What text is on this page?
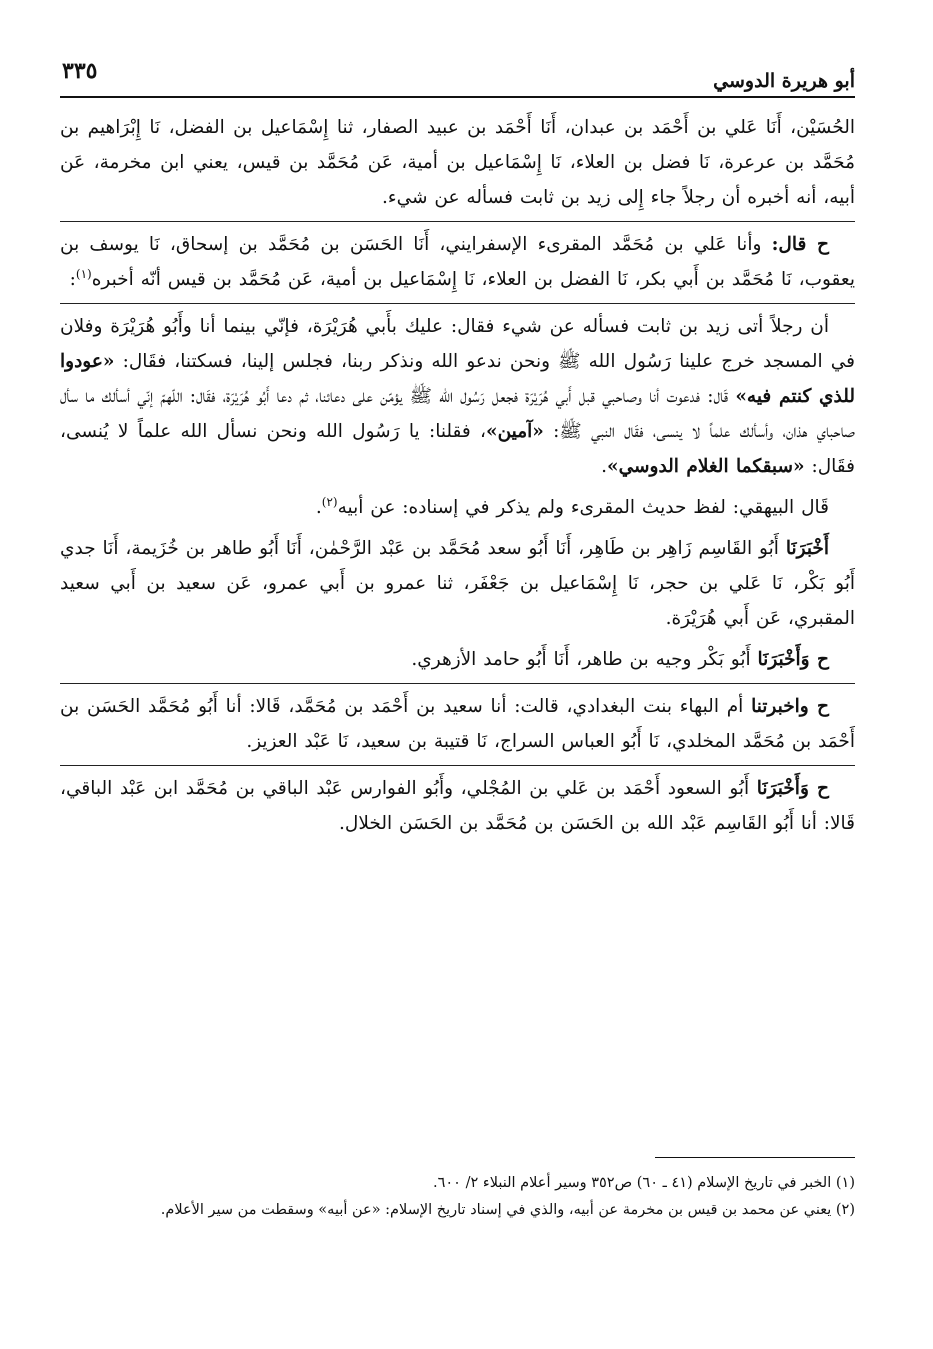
٣٣٥	أبو هريرة الدوسي

الحُسَيْن، أَنَا عَلي بن أَحْمَد بن عبدان، أَنَا أَحْمَد بن عبيد الصفار، ثنا إِسْمَاعيل بن الفضل، نَا إِبْرَاهيم بن مُحَمَّد بن عرعرة، نَا فضل بن العلاء، نَا إِسْمَاعيل بن أمية، عَن مُحَمَّد بن قيس، يعني ابن مخرمة، عَن أبيه، أنه أخبره أن رجلاً جاء إِلى زيد بن ثابت فسأله عن شيء.

ح قال: وأنا عَلي بن مُحَمَّد المقرىء الإسفرايني، أَنَا الحَسَن بن مُحَمَّد بن إسحاق، نَا يوسف بن يعقوب، نَا مُحَمَّد بن أَبي بكر، نَا الفضل بن العلاء، نَا إِسْمَاعيل بن أمية، عَن مُحَمَّد بن قيس أنّه أخبره$^{(١)}$:

أن رجلاً أتى زيد بن ثابت فسأله عن شيء فقال: عليك بأَبي هُرَيْرَة، فإنّي بينما أنا وأَبُو هُرَيْرَة وفلان في المسجد خرج علينا رَسُول الله ﷺ ونحن ندعو الله ونذكر ربنا، فجلس إلينا، فسكتنا، فقَال: «عودوا للذي كنتم فيه» قَال: فدعوت أنا وصاحبي قبل أَبي هُرَيْرَة فجعل رَسُول الله ﷺ يؤمّن على دعائنا، ثم دعا أَبُو هُرَيْرَة، فقَال: اللّهمّ إنّي أسألك ما سأل صاحباي هذان، وأسألك علماً لا ينسى، فقَال النبي ﷺ: «آمين»، فقلنا: يا رَسُول الله ونحن نسأل الله علماً لا يُنسى، فقَال: «سبقكما الغلام الدوسي».

قَال البيهقي: لفظ حديث المقرىء ولم يذكر في إسناده: عن أبيه$^{(٢)}$.

أَخْبَرَنَا أَبُو القَاسِم زَاهِر بن طَاهِر، أَنَا أَبُو سعد مُحَمَّد بن عَبْد الرَّحْمٰن، أَنَا أَبُو طاهر بن خُزَيمة، أَنَا جدي أَبُو بَكْر، نَا عَلي بن حجر، نَا إِسْمَاعيل بن جَعْفَر، ثنا عمرو بن أَبي عمرو، عَن سعيد بن أَبي سعيد المقبري، عَن أَبي هُرَيْرَة.

ح وَأَخْبَرَنَا أَبُو بَكْر وجيه بن طاهر، أَنَا أَبُو حامد الأزهري.

ح واخبرتنا أم البهاء بنت البغدادي، قالت: أنا سعيد بن أَحْمَد بن مُحَمَّد، قَالا: أنا أَبُو مُحَمَّد الحَسَن بن أَحْمَد بن مُحَمَّد المخلدي، نَا أَبُو العباس السراج، نَا قتيبة بن سعيد، نَا عَبْد العزيز.

ح وَأَخْبَرَنَا أَبُو السعود أَحْمَد بن عَلي بن المُجْلي، وأَبُو الفوارس عَبْد الباقي بن مُحَمَّد ابن عَبْد الباقي، قَالا: أنا أَبُو القَاسِم عَبْد الله بن الحَسَن بن مُحَمَّد بن الحَسَن الخلال.

(١) الخبر في تاريخ الإسلام (٤١ ـ ٦٠) ص٣٥٢ وسير أعلام النبلاء ٢/ ٦٠٠.

(٢) يعني عن محمد بن قيس بن مخرمة عن أبيه، والذي في إسناد تاريخ الإسلام: «عن أبيه» وسقطت من سير الأعلام.
